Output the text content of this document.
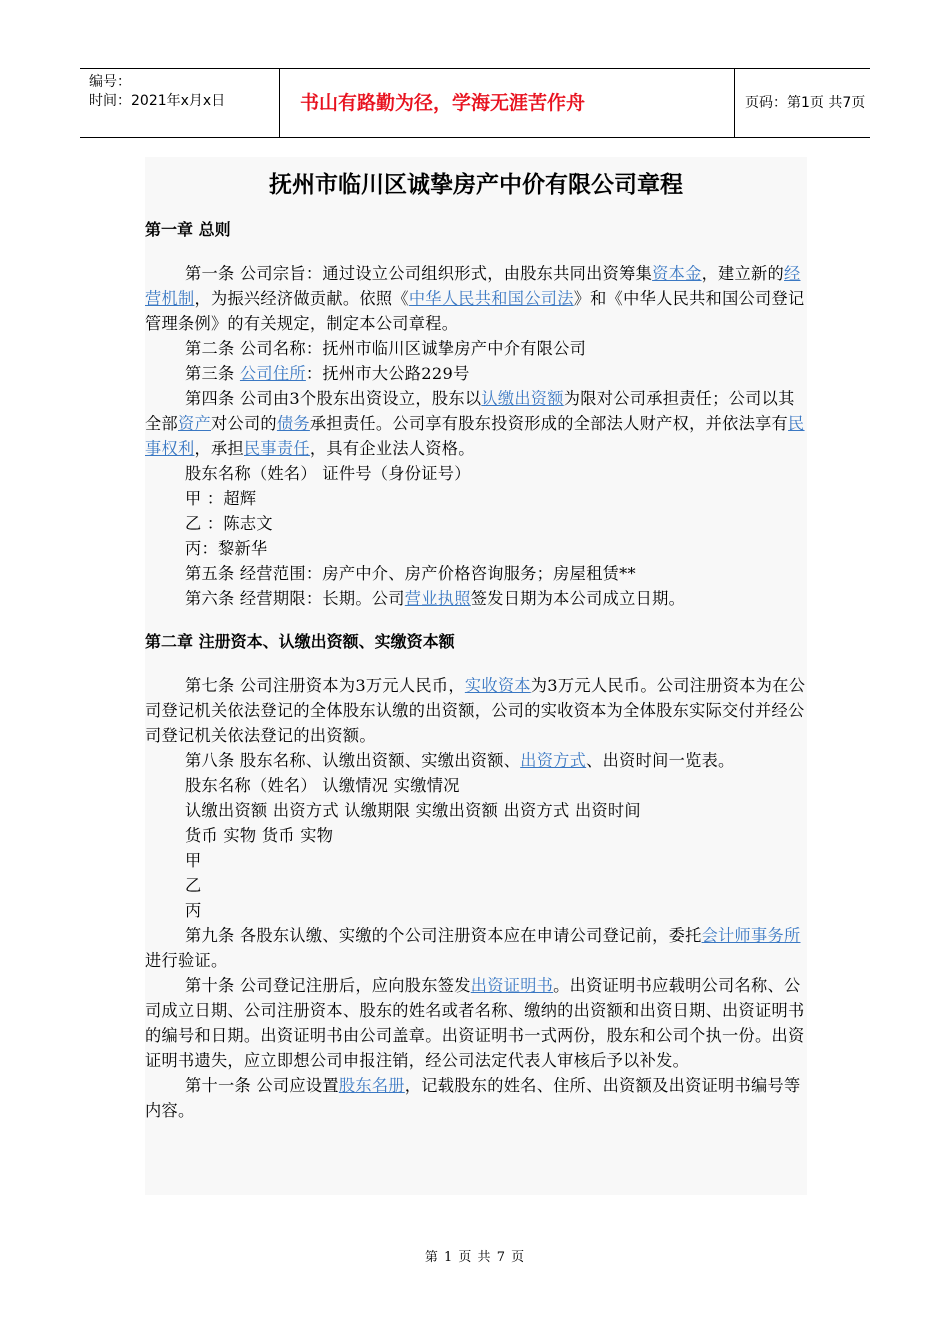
编号：
时间：2021年x月x日	书山有路勤为径，学海无涯苦作舟	页码：第1页 共7页
抚州市临川区诚挚房产中价有限公司章程
第一章 总则

第一条 公司宗旨：通过设立公司组织形式，由股东共同出资筹集资本金，建立新的经营机制，为振兴经济做贡献。依照《中华人民共和国公司法》和《中华人民共和国公司登记管理条例》的有关规定，制定本公司章程。

第二条 公司名称：抚州市临川区诚挚房产中介有限公司

第三条 公司住所：抚州市大公路229号

第四条 公司由3个股东出资设立，股东以认缴出资额为限对公司承担责任；公司以其全部资产对公司的债务承担责任。公司享有股东投资形成的全部法人财产权，并依法享有民事权利，承担民事责任，具有企业法人资格。

股东名称（姓名） 证件号（身份证号）

甲 ：超辉

乙 ：陈志文

丙：黎新华

第五条 经营范围：房产中介、房产价格咨询服务；房屋租赁**

第六条 经营期限：长期。公司营业执照签发日期为本公司成立日期。

第二章 注册资本、认缴出资额、实缴资本额

第七条 公司注册资本为3万元人民币，实收资本为3万元人民币。公司注册资本为在公司登记机关依法登记的全体股东认缴的出资额，公司的实收资本为全体股东实际交付并经公司登记机关依法登记的出资额。

第八条 股东名称、认缴出资额、实缴出资额、出资方式、出资时间一览表。

股东名称（姓名） 认缴情况 实缴情况

认缴出资额 出资方式 认缴期限 实缴出资额 出资方式 出资时间

货币 实物 货币 实物

甲

乙

丙

第九条 各股东认缴、实缴的个公司注册资本应在申请公司登记前，委托会计师事务所进行验证。

第十条 公司登记注册后，应向股东签发出资证明书。出资证明书应载明公司名称、公司成立日期、公司注册资本、股东的姓名或者名称、缴纳的出资额和出资日期、出资证明书的编号和日期。出资证明书由公司盖章。出资证明书一式两份，股东和公司个执一份。出资证明书遗失，应立即想公司申报注销，经公司法定代表人审核后予以补发。

第十一条 公司应设置股东名册，记载股东的姓名、住所、出资额及出资证明书编号等内容。

第 1 页 共 7 页
